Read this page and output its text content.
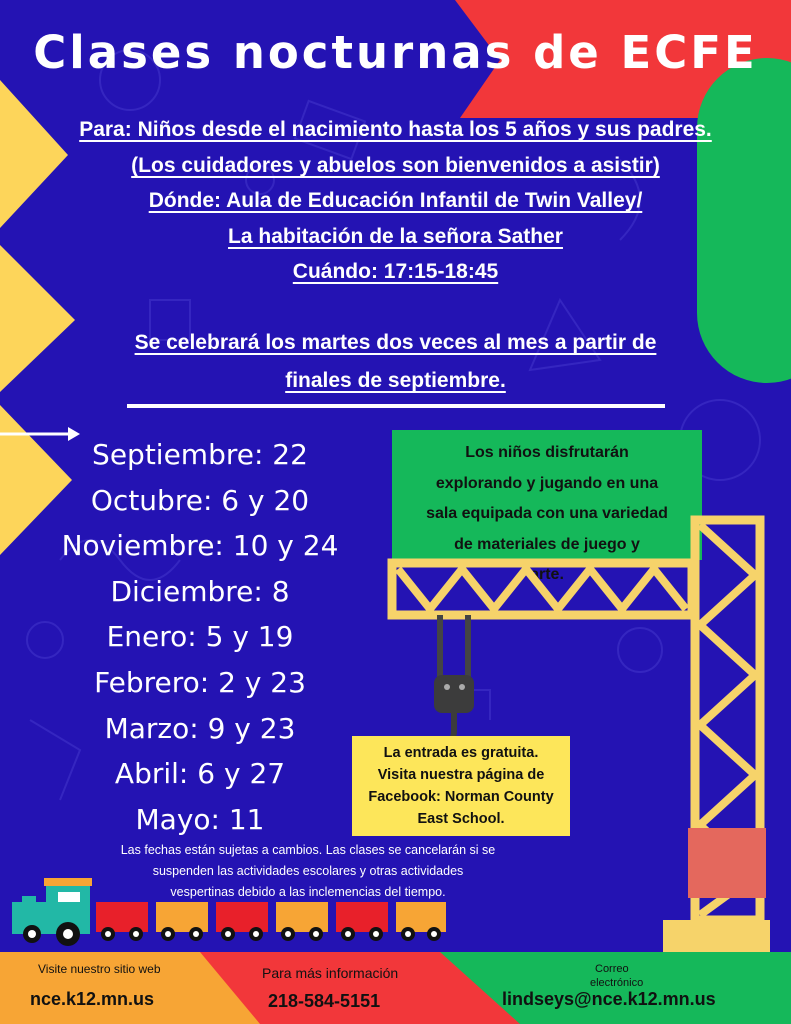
Clases nocturnas de ECFE
Para: Niños desde el nacimiento hasta los 5 años y sus padres.
(Los cuidadores y abuelos son bienvenidos a asistir)
Dónde: Aula de Educación Infantil de Twin Valley/
La habitación de la señora Sather
Cuándo: 17:15-18:45
Se celebrará los martes dos veces al mes a partir de
finales de septiembre.
Septiembre: 22
Octubre: 6 y 20
Noviembre: 10 y 24
Diciembre: 8
Enero: 5 y 19
Febrero: 2 y 23
Marzo: 9 y 23
Abril: 6 y 27
Mayo: 11
Las fechas están sujetas a cambios. Las clases se cancelarán si se
suspenden las actividades escolares y otras actividades
vespertinas debido a las inclemencias del tiempo.
Los niños disfrutarán
explorando y jugando en una
sala equipada con una variedad
de materiales de juego y
arte.
La entrada es gratuita.
Visita nuestra página de
Facebook: Norman County
East School.
Visite nuestro sitio web
nce.k12.mn.us
Para más información
218-584-5151
Correo
electrónico
lindseys@nce.k12.mn.us
